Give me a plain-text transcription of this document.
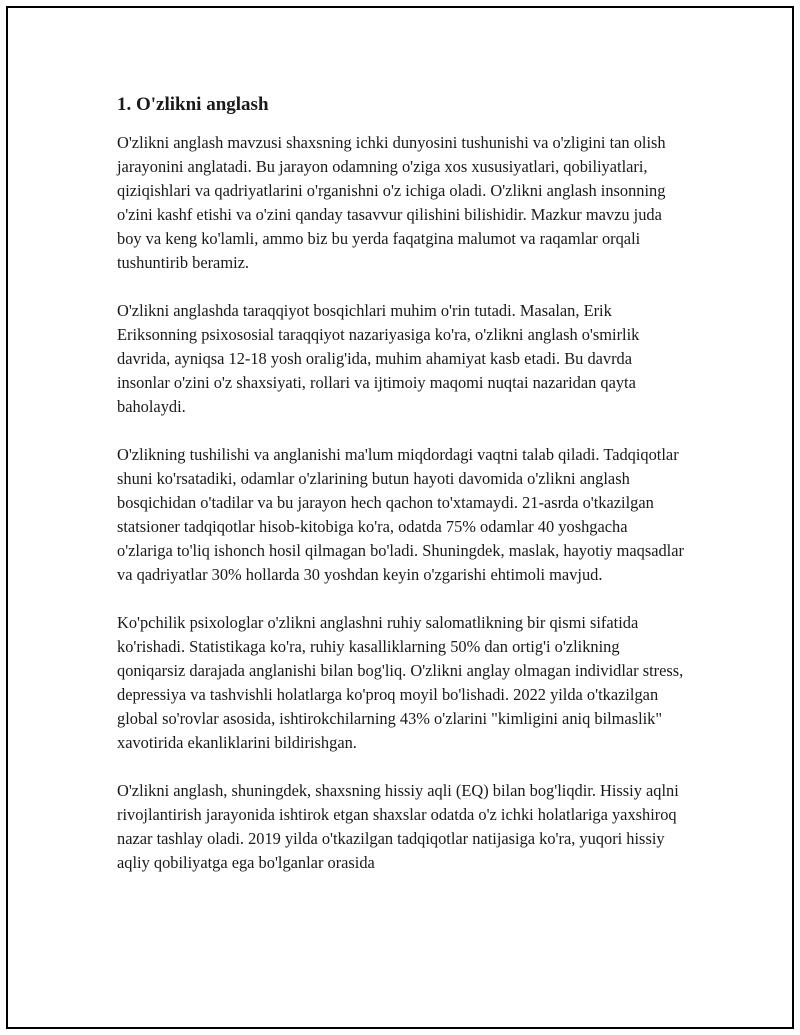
1. O'zlikni anglash

O'zlikni anglash mavzusi shaxsning ichki dunyosini tushunishi va o'zligini tan olish jarayonini anglatadi. Bu jarayon odamning o'ziga xos xususiyatlari, qobiliyatlari, qiziqishlari va qadriyatlarini o'rganishni o'z ichiga oladi. O'zlikni anglash insonning o'zini kashf etishi va o'zini qanday tasavvur qilishini bilishidir. Mazkur mavzu juda boy va keng ko'lamli, ammo biz bu yerda faqatgina malumot va raqamlar orqali tushuntirib beramiz.

O'zlikni anglashda taraqqiyot bosqichlari muhim o'rin tutadi. Masalan, Erik Eriksonning psixososial taraqqiyot nazariyasiga ko'ra, o'zlikni anglash o'smirlik davrida, ayniqsa 12-18 yosh oralig'ida, muhim ahamiyat kasb etadi. Bu davrda insonlar o'zini o'z shaxsiyati, rollari va ijtimoiy maqomi nuqtai nazaridan qayta baholaydi.

O'zlikning tushilishi va anglanishi ma'lum miqdordagi vaqtni talab qiladi. Tadqiqotlar shuni ko'rsatadiki, odamlar o'zlarining butun hayoti davomida o'zlikni anglash bosqichidan o'tadilar va bu jarayon hech qachon to'xtamaydi. 21-asrda o'tkazilgan statsioner tadqiqotlar hisob-kitobiga ko'ra, odatda 75% odamlar 40 yoshgacha o'zlariga to'liq ishonch hosil qilmagan bo'ladi. Shuningdek, maslak, hayotiy maqsadlar va qadriyatlar 30% hollarda 30 yoshdan keyin o'zgarishi ehtimoli mavjud.

Ko'pchilik psixologlar o'zlikni anglashni ruhiy salomatlikning bir qismi sifatida ko'rishadi. Statistikaga ko'ra, ruhiy kasalliklarning 50% dan ortig'i o'zlikning qoniqarsiz darajada anglanishi bilan bog'liq. O'zlikni anglay olmagan individlar stress, depressiya va tashvishli holatlarga ko'proq moyil bo'lishadi. 2022 yilda o'tkazilgan global so'rovlar asosida, ishtirokchilarning 43% o'zlarini "kimligini aniq bilmaslik" xavotirida ekanliklarini bildirishgan.

O'zlikni anglash, shuningdek, shaxsning hissiy aqli (EQ) bilan bog'liqdir. Hissiy aqlni rivojlantirish jarayonida ishtirok etgan shaxslar odatda o'z ichki holatlariga yaxshiroq nazar tashlay oladi. 2019 yilda o'tkazilgan tadqiqotlar natijasiga ko'ra, yuqori hissiy aqliy qobiliyatga ega bo'lganlar orasida
